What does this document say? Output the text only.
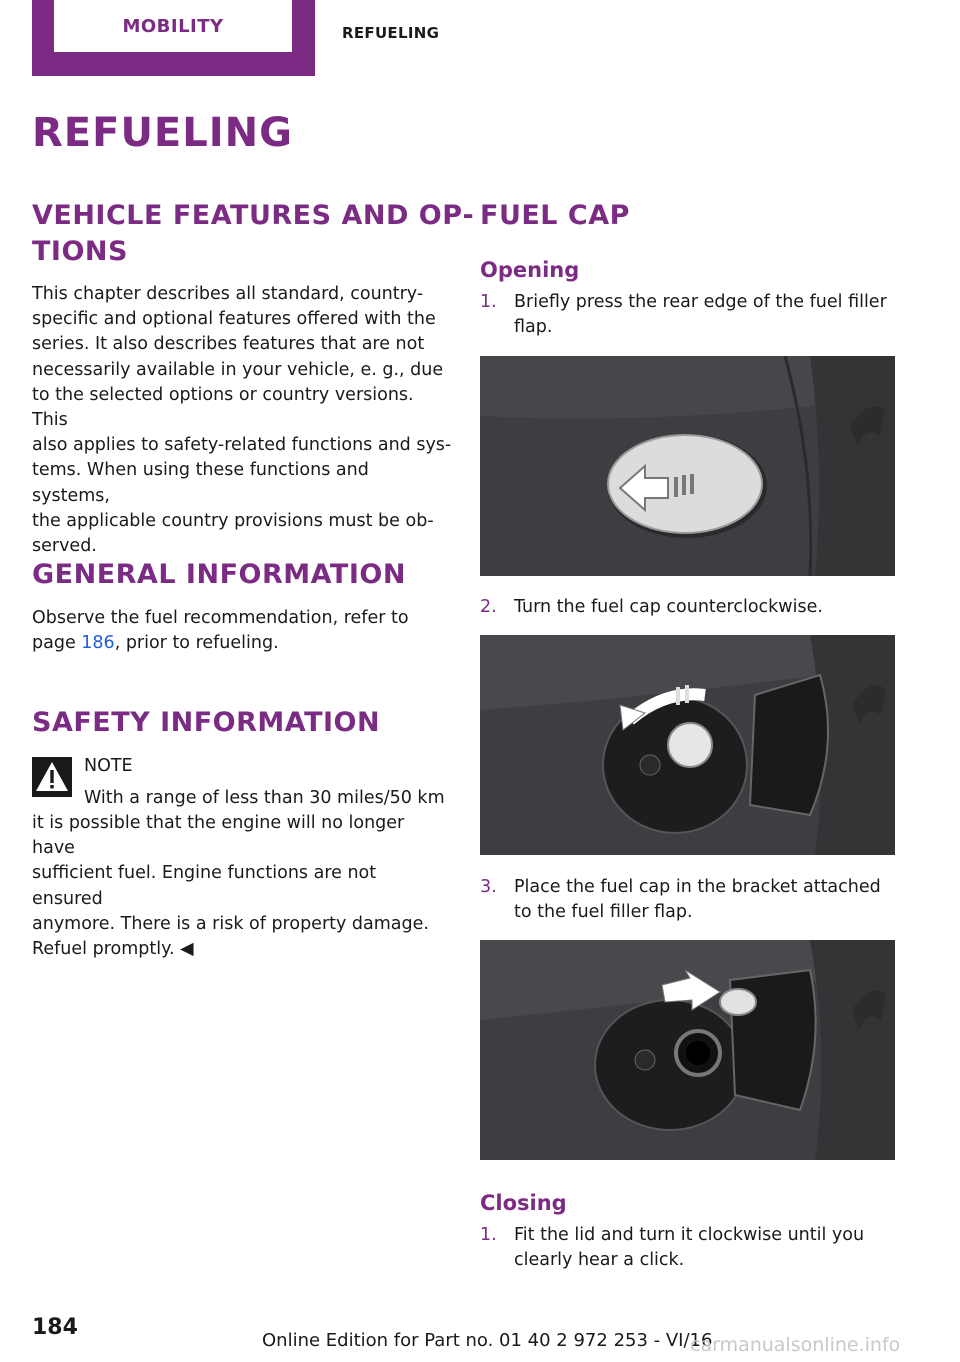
MOBILITY	REFUELING
REFUELING
VEHICLE FEATURES AND OP‐
TIONS
This chapter describes all standard, country-
specific and optional features offered with the
series. It also describes features that are not
necessarily available in your vehicle, e. g., due
to the selected options or country versions. This
also applies to safety-related functions and sys‐
tems. When using these functions and systems,
the applicable country provisions must be ob‐
served.
GENERAL INFORMATION
Observe the fuel recommendation, refer to
page 186, prior to refueling.
SAFETY INFORMATION
NOTE
With a range of less than 30 miles/50 km
it is possible that the engine will no longer have
sufficient fuel. Engine functions are not ensured
anymore. There is a risk of property damage.
Refuel promptly. ◀
FUEL CAP
Opening
1. Briefly press the rear edge of the fuel filler
flap.
2. Turn the fuel cap counterclockwise.
3. Place the fuel cap in the bracket attached
to the fuel filler flap.
Closing
1. Fit the lid and turn it clockwise until you
clearly hear a click.
184
Online Edition for Part no. 01 40 2 972 253 - VI/16
carmanualsonline.info
